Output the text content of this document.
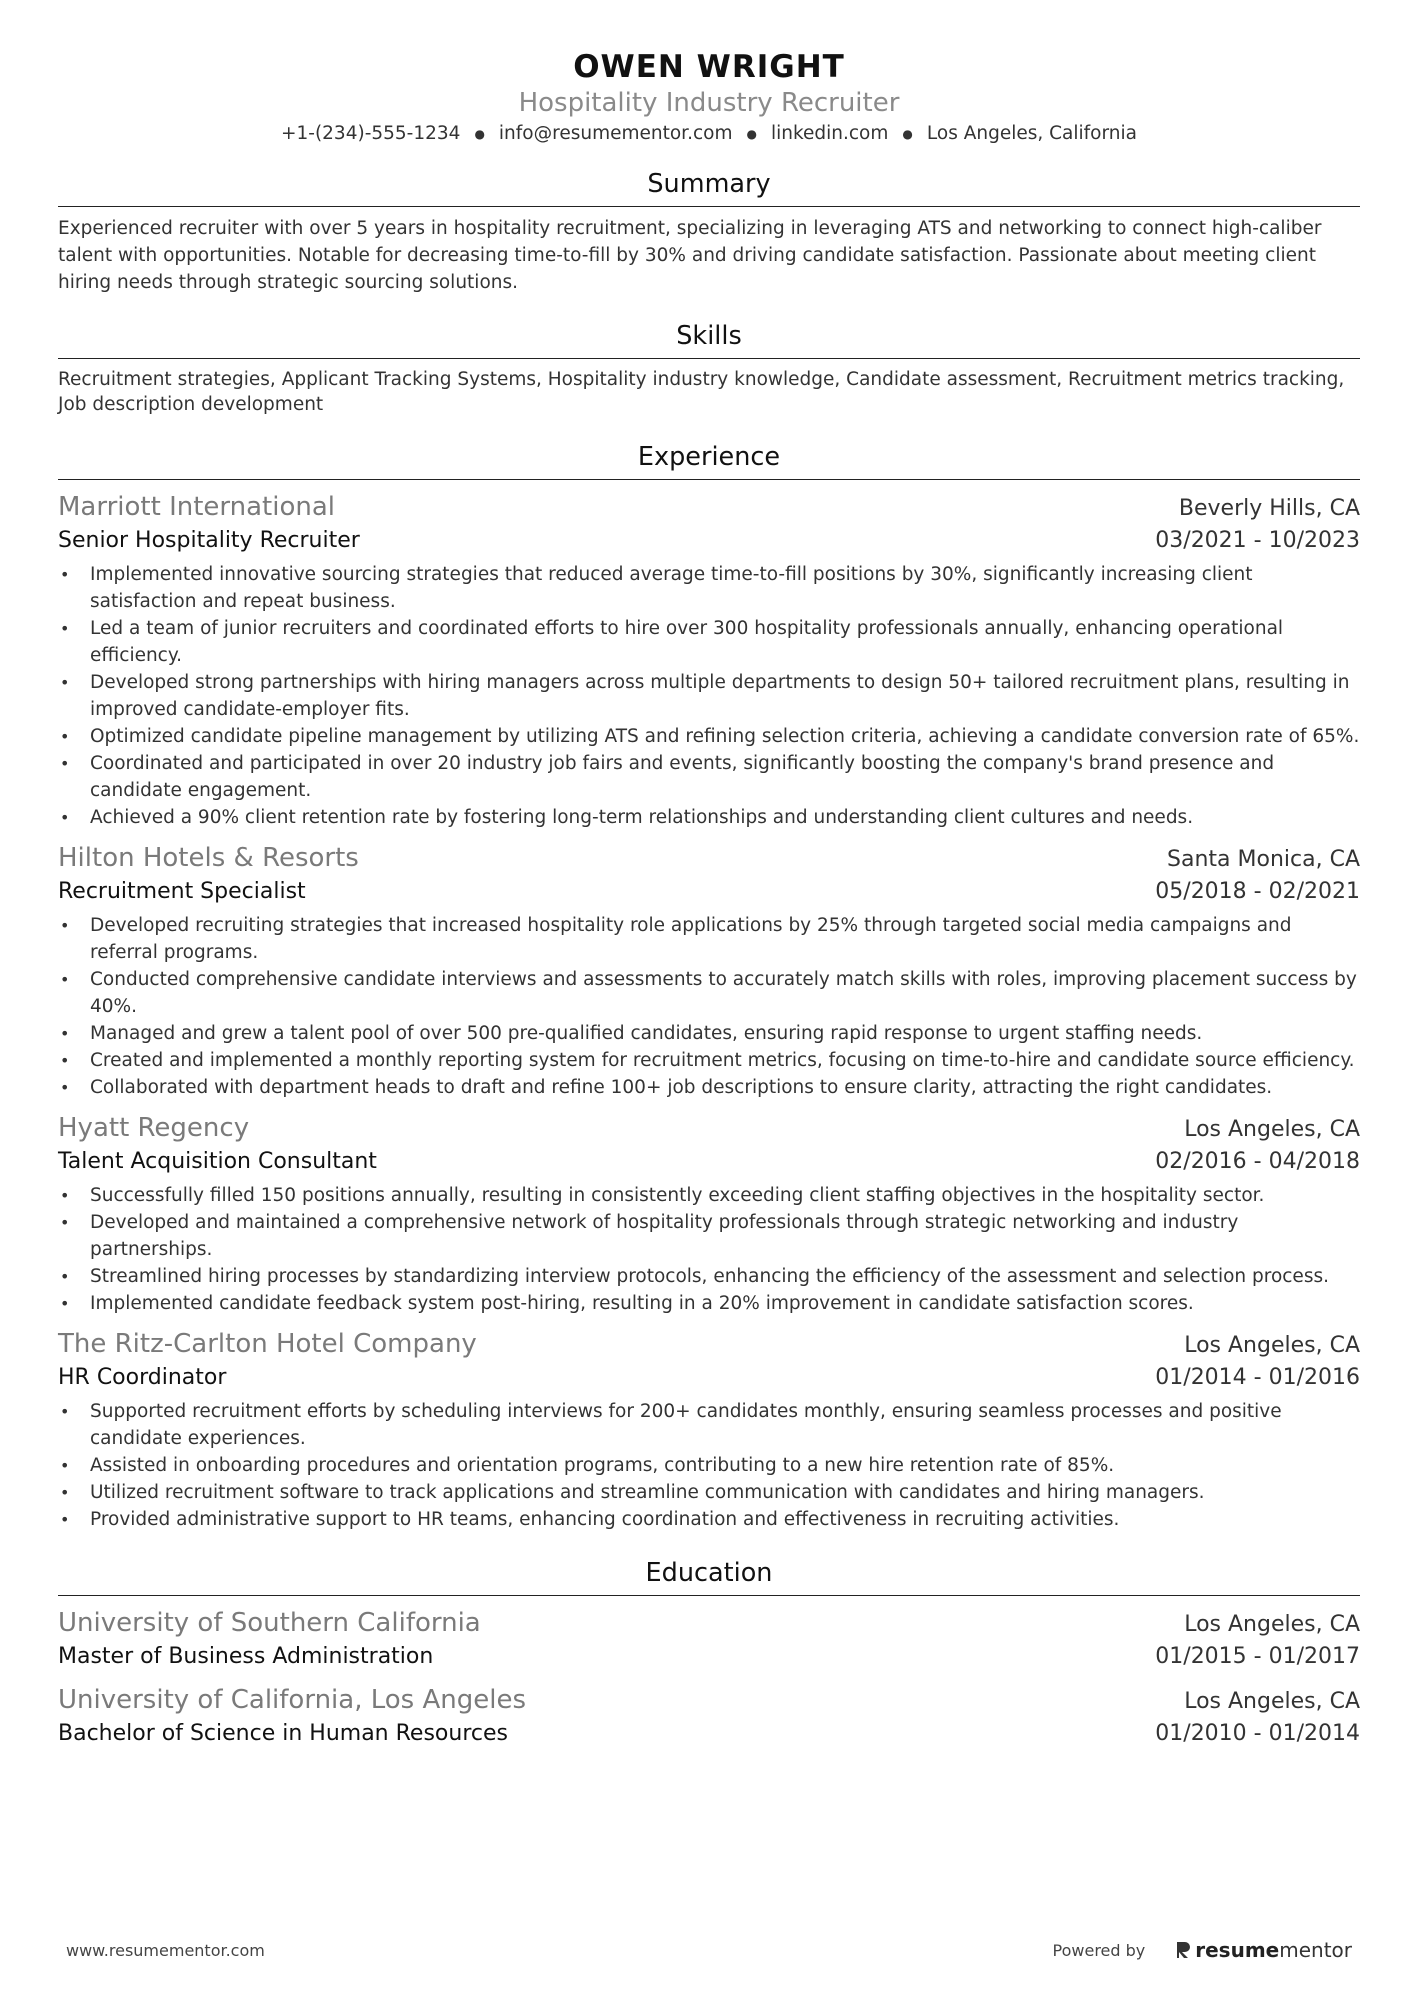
OWEN WRIGHT
Hospitality Industry Recruiter
+1-(234)-555-1234 ● info@resumementor.com ● linkedin.com ● Los Angeles, California
Summary
Experienced recruiter with over 5 years in hospitality recruitment, specializing in leveraging ATS and networking to connect high-caliber talent with opportunities. Notable for decreasing time-to-fill by 30% and driving candidate satisfaction. Passionate about meeting client hiring needs through strategic sourcing solutions.
Skills
Recruitment strategies, Applicant Tracking Systems, Hospitality industry knowledge, Candidate assessment, Recruitment metrics tracking, Job description development
Experience
Marriott International	Beverly Hills, CA
Senior Hospitality Recruiter	03/2021 - 10/2023
• Implemented innovative sourcing strategies that reduced average time-to-fill positions by 30%, significantly increasing client satisfaction and repeat business.
• Led a team of junior recruiters and coordinated efforts to hire over 300 hospitality professionals annually, enhancing operational efficiency.
• Developed strong partnerships with hiring managers across multiple departments to design 50+ tailored recruitment plans, resulting in improved candidate-employer fits.
• Optimized candidate pipeline management by utilizing ATS and refining selection criteria, achieving a candidate conversion rate of 65%.
• Coordinated and participated in over 20 industry job fairs and events, significantly boosting the company's brand presence and candidate engagement.
• Achieved a 90% client retention rate by fostering long-term relationships and understanding client cultures and needs.
Hilton Hotels & Resorts	Santa Monica, CA
Recruitment Specialist	05/2018 - 02/2021
• Developed recruiting strategies that increased hospitality role applications by 25% through targeted social media campaigns and referral programs.
• Conducted comprehensive candidate interviews and assessments to accurately match skills with roles, improving placement success by 40%.
• Managed and grew a talent pool of over 500 pre-qualified candidates, ensuring rapid response to urgent staffing needs.
• Created and implemented a monthly reporting system for recruitment metrics, focusing on time-to-hire and candidate source efficiency.
• Collaborated with department heads to draft and refine 100+ job descriptions to ensure clarity, attracting the right candidates.
Hyatt Regency	Los Angeles, CA
Talent Acquisition Consultant	02/2016 - 04/2018
• Successfully filled 150 positions annually, resulting in consistently exceeding client staffing objectives in the hospitality sector.
• Developed and maintained a comprehensive network of hospitality professionals through strategic networking and industry partnerships.
• Streamlined hiring processes by standardizing interview protocols, enhancing the efficiency of the assessment and selection process.
• Implemented candidate feedback system post-hiring, resulting in a 20% improvement in candidate satisfaction scores.
The Ritz-Carlton Hotel Company	Los Angeles, CA
HR Coordinator	01/2014 - 01/2016
• Supported recruitment efforts by scheduling interviews for 200+ candidates monthly, ensuring seamless processes and positive candidate experiences.
• Assisted in onboarding procedures and orientation programs, contributing to a new hire retention rate of 85%.
• Utilized recruitment software to track applications and streamline communication with candidates and hiring managers.
• Provided administrative support to HR teams, enhancing coordination and effectiveness in recruiting activities.
Education
University of Southern California	Los Angeles, CA
Master of Business Administration	01/2015 - 01/2017
University of California, Los Angeles	Los Angeles, CA
Bachelor of Science in Human Resources	01/2010 - 01/2014
www.resumementor.com	Powered by	resumementor
